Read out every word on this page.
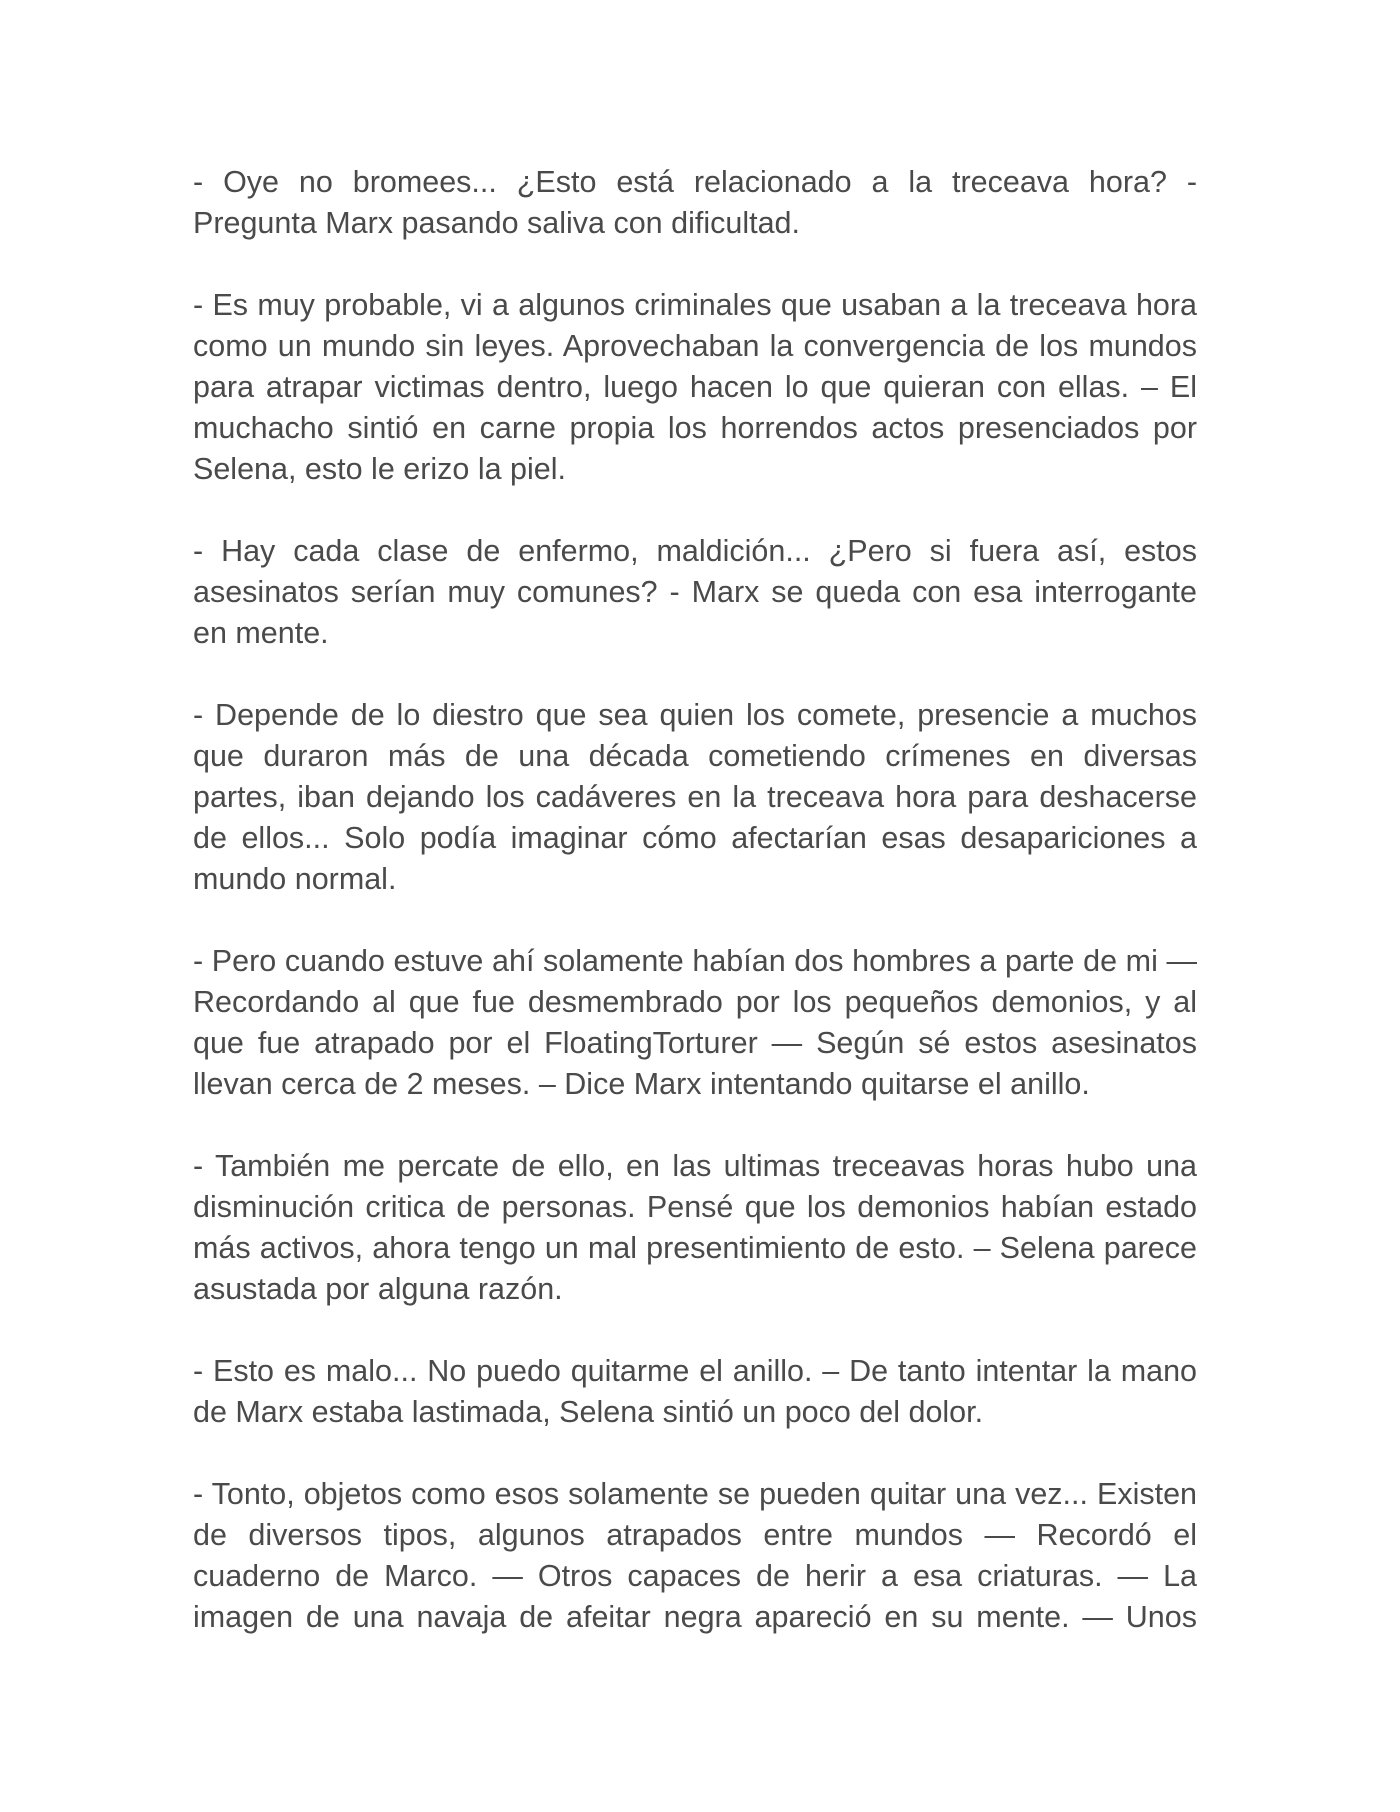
- Oye no bromees... ¿Esto está relacionado a la treceava hora? - Pregunta Marx pasando saliva con dificultad.

- Es muy probable, vi a algunos criminales que usaban a la treceava hora como un mundo sin leyes. Aprovechaban la convergencia de los mundos para atrapar victimas dentro, luego hacen lo que quieran con ellas. – El muchacho sintió en carne propia los horrendos actos presenciados por Selena, esto le erizo la piel.

- Hay cada clase de enfermo, maldición... ¿Pero si fuera así, estos asesinatos serían muy comunes? - Marx se queda con esa interrogante en mente.

- Depende de lo diestro que sea quien los comete, presencie a muchos que duraron más de una década cometiendo crímenes en diversas partes, iban dejando los cadáveres en la treceava hora para deshacerse de ellos... Solo podía imaginar cómo afectarían esas desapariciones a mundo normal.

- Pero cuando estuve ahí solamente habían dos hombres a parte de mi — Recordando al que fue desmembrado por los pequeños demonios, y al que fue atrapado por el FloatingTorturer — Según sé estos asesinatos llevan cerca de 2 meses. – Dice Marx intentando quitarse el anillo.

- También me percate de ello, en las ultimas treceavas horas hubo una disminución critica de personas. Pensé que los demonios habían estado más activos, ahora tengo un mal presentimiento de esto. – Selena parece asustada por alguna razón.

- Esto es malo... No puedo quitarme el anillo. – De tanto intentar la mano de Marx estaba lastimada, Selena sintió un poco del dolor.

- Tonto, objetos como esos solamente se pueden quitar una vez... Existen de diversos tipos, algunos atrapados entre mundos — Recordó el cuaderno de Marco. — Otros capaces de herir a esa criaturas. — La imagen de una navaja de afeitar negra apareció en su mente. — Unos
